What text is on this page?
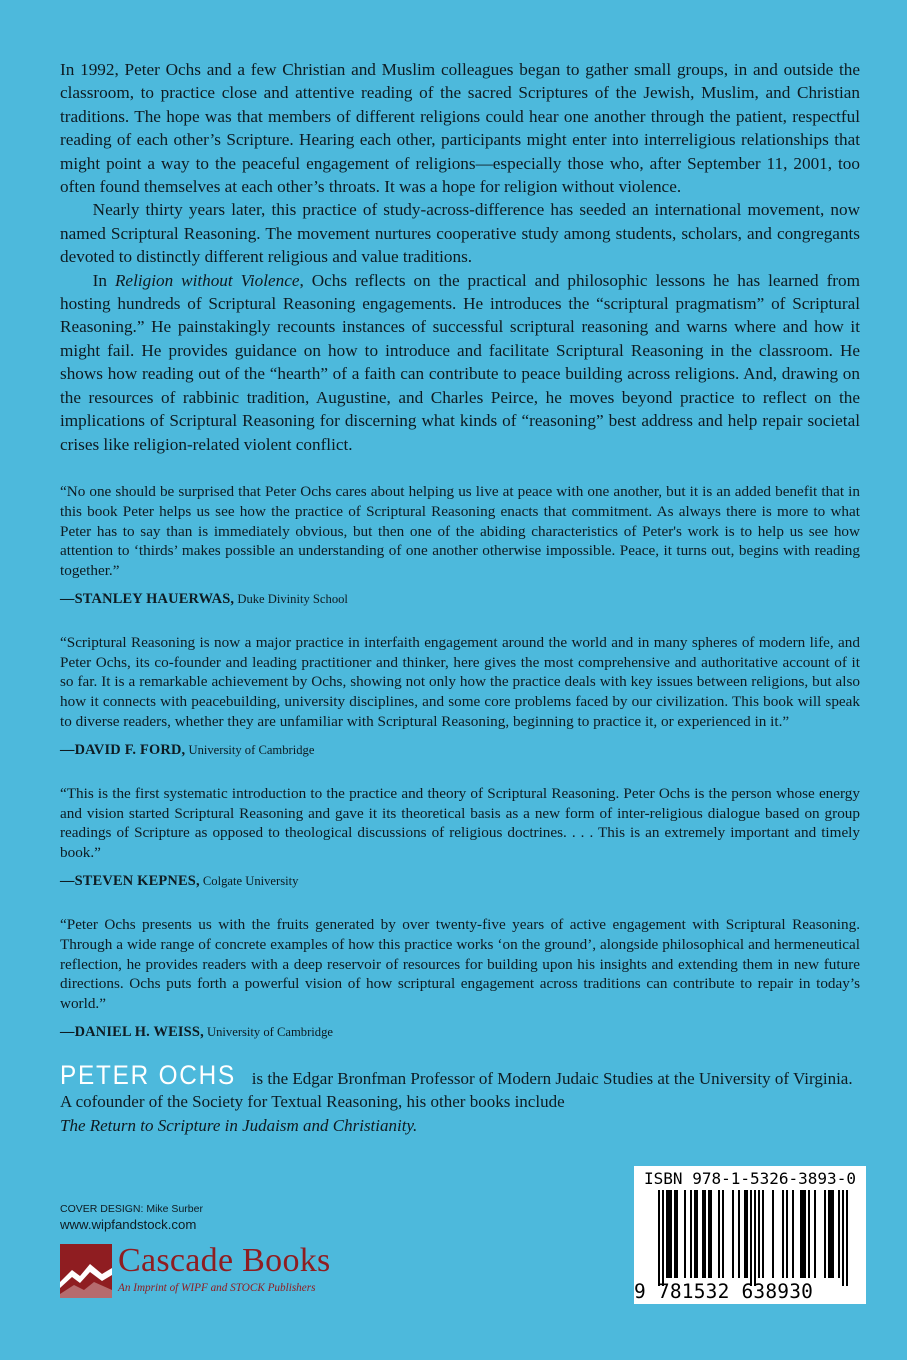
In 1992, Peter Ochs and a few Christian and Muslim colleagues began to gather small groups, in and outside the classroom, to practice close and attentive reading of the sacred Scriptures of the Jewish, Muslim, and Christian traditions. The hope was that members of different religions could hear one another through the patient, respectful reading of each other’s Scripture. Hearing each other, participants might enter into interreligious relationships that might point a way to the peaceful engagement of religions—especially those who, after September 11, 2001, too often found themselves at each other’s throats. It was a hope for religion without violence.

Nearly thirty years later, this practice of study-across-difference has seeded an international movement, now named Scriptural Reasoning. The movement nurtures cooperative study among students, scholars, and congregants devoted to distinctly different religious and value traditions.

In Religion without Violence, Ochs reflects on the practical and philosophic lessons he has learned from hosting hundreds of Scriptural Reasoning engagements. He introduces the “scriptural pragmatism” of Scriptural Reasoning.” He painstakingly recounts instances of successful scriptural reasoning and warns where and how it might fail. He provides guidance on how to introduce and facilitate Scriptural Reasoning in the classroom. He shows how reading out of the “hearth” of a faith can contribute to peace building across religions. And, drawing on the resources of rabbinic tradition, Augustine, and Charles Peirce, he moves beyond practice to reflect on the implications of Scriptural Reasoning for discerning what kinds of “reasoning” best address and help repair societal crises like religion-related violent conflict.

“No one should be surprised that Peter Ochs cares about helping us live at peace with one another, but it is an added benefit that in this book Peter helps us see how the practice of Scriptural Reasoning enacts that commitment. As always there is more to what Peter has to say than is immediately obvious, but then one of the abiding characteristics of Peter's work is to help us see how attention to ‘thirds’ makes possible an understanding of one another otherwise impossible. Peace, it turns out, begins with reading together.”

—STANLEY HAUERWAS, Duke Divinity School

“Scriptural Reasoning is now a major practice in interfaith engagement around the world and in many spheres of modern life, and Peter Ochs, its co-founder and leading practitioner and thinker, here gives the most comprehensive and authoritative account of it so far. It is a remarkable achievement by Ochs, showing not only how the practice deals with key issues between religions, but also how it connects with peacebuilding, university disciplines, and some core problems faced by our civilization. This book will speak to diverse readers, whether they are unfamiliar with Scriptural Reasoning, beginning to practice it, or experienced in it.”

—DAVID F. FORD, University of Cambridge

“This is the first systematic introduction to the practice and theory of Scriptural Reasoning. Peter Ochs is the person whose energy and vision started Scriptural Reasoning and gave it its theoretical basis as a new form of inter-religious dialogue based on group readings of Scripture as opposed to theological discussions of religious doctrines. . . . This is an extremely important and timely book.”

—STEVEN KEPNES, Colgate University

“Peter Ochs presents us with the fruits generated by over twenty-five years of active engagement with Scriptural Reasoning. Through a wide range of concrete examples of how this practice works ‘on the ground’, alongside philosophical and hermeneutical reflection, he provides readers with a deep reservoir of resources for building upon his insights and extending them in new future directions. Ochs puts forth a powerful vision of how scriptural engagement across traditions can contribute to repair in today’s world.”

—DANIEL H. WEISS, University of Cambridge

PETER OCHS is the Edgar Bronfman Professor of Modern Judaic Studies at the University of Virginia. A cofounder of the Society for Textual Reasoning, his other books include
The Return to Scripture in Judaism and Christianity.
COVER DESIGN: Mike Surber
www.wipfandstock.com
Cascade Books
An Imprint of WIPF and STOCK Publishers
ISBN 978-1-5326-3893-0
9 781532 638930
